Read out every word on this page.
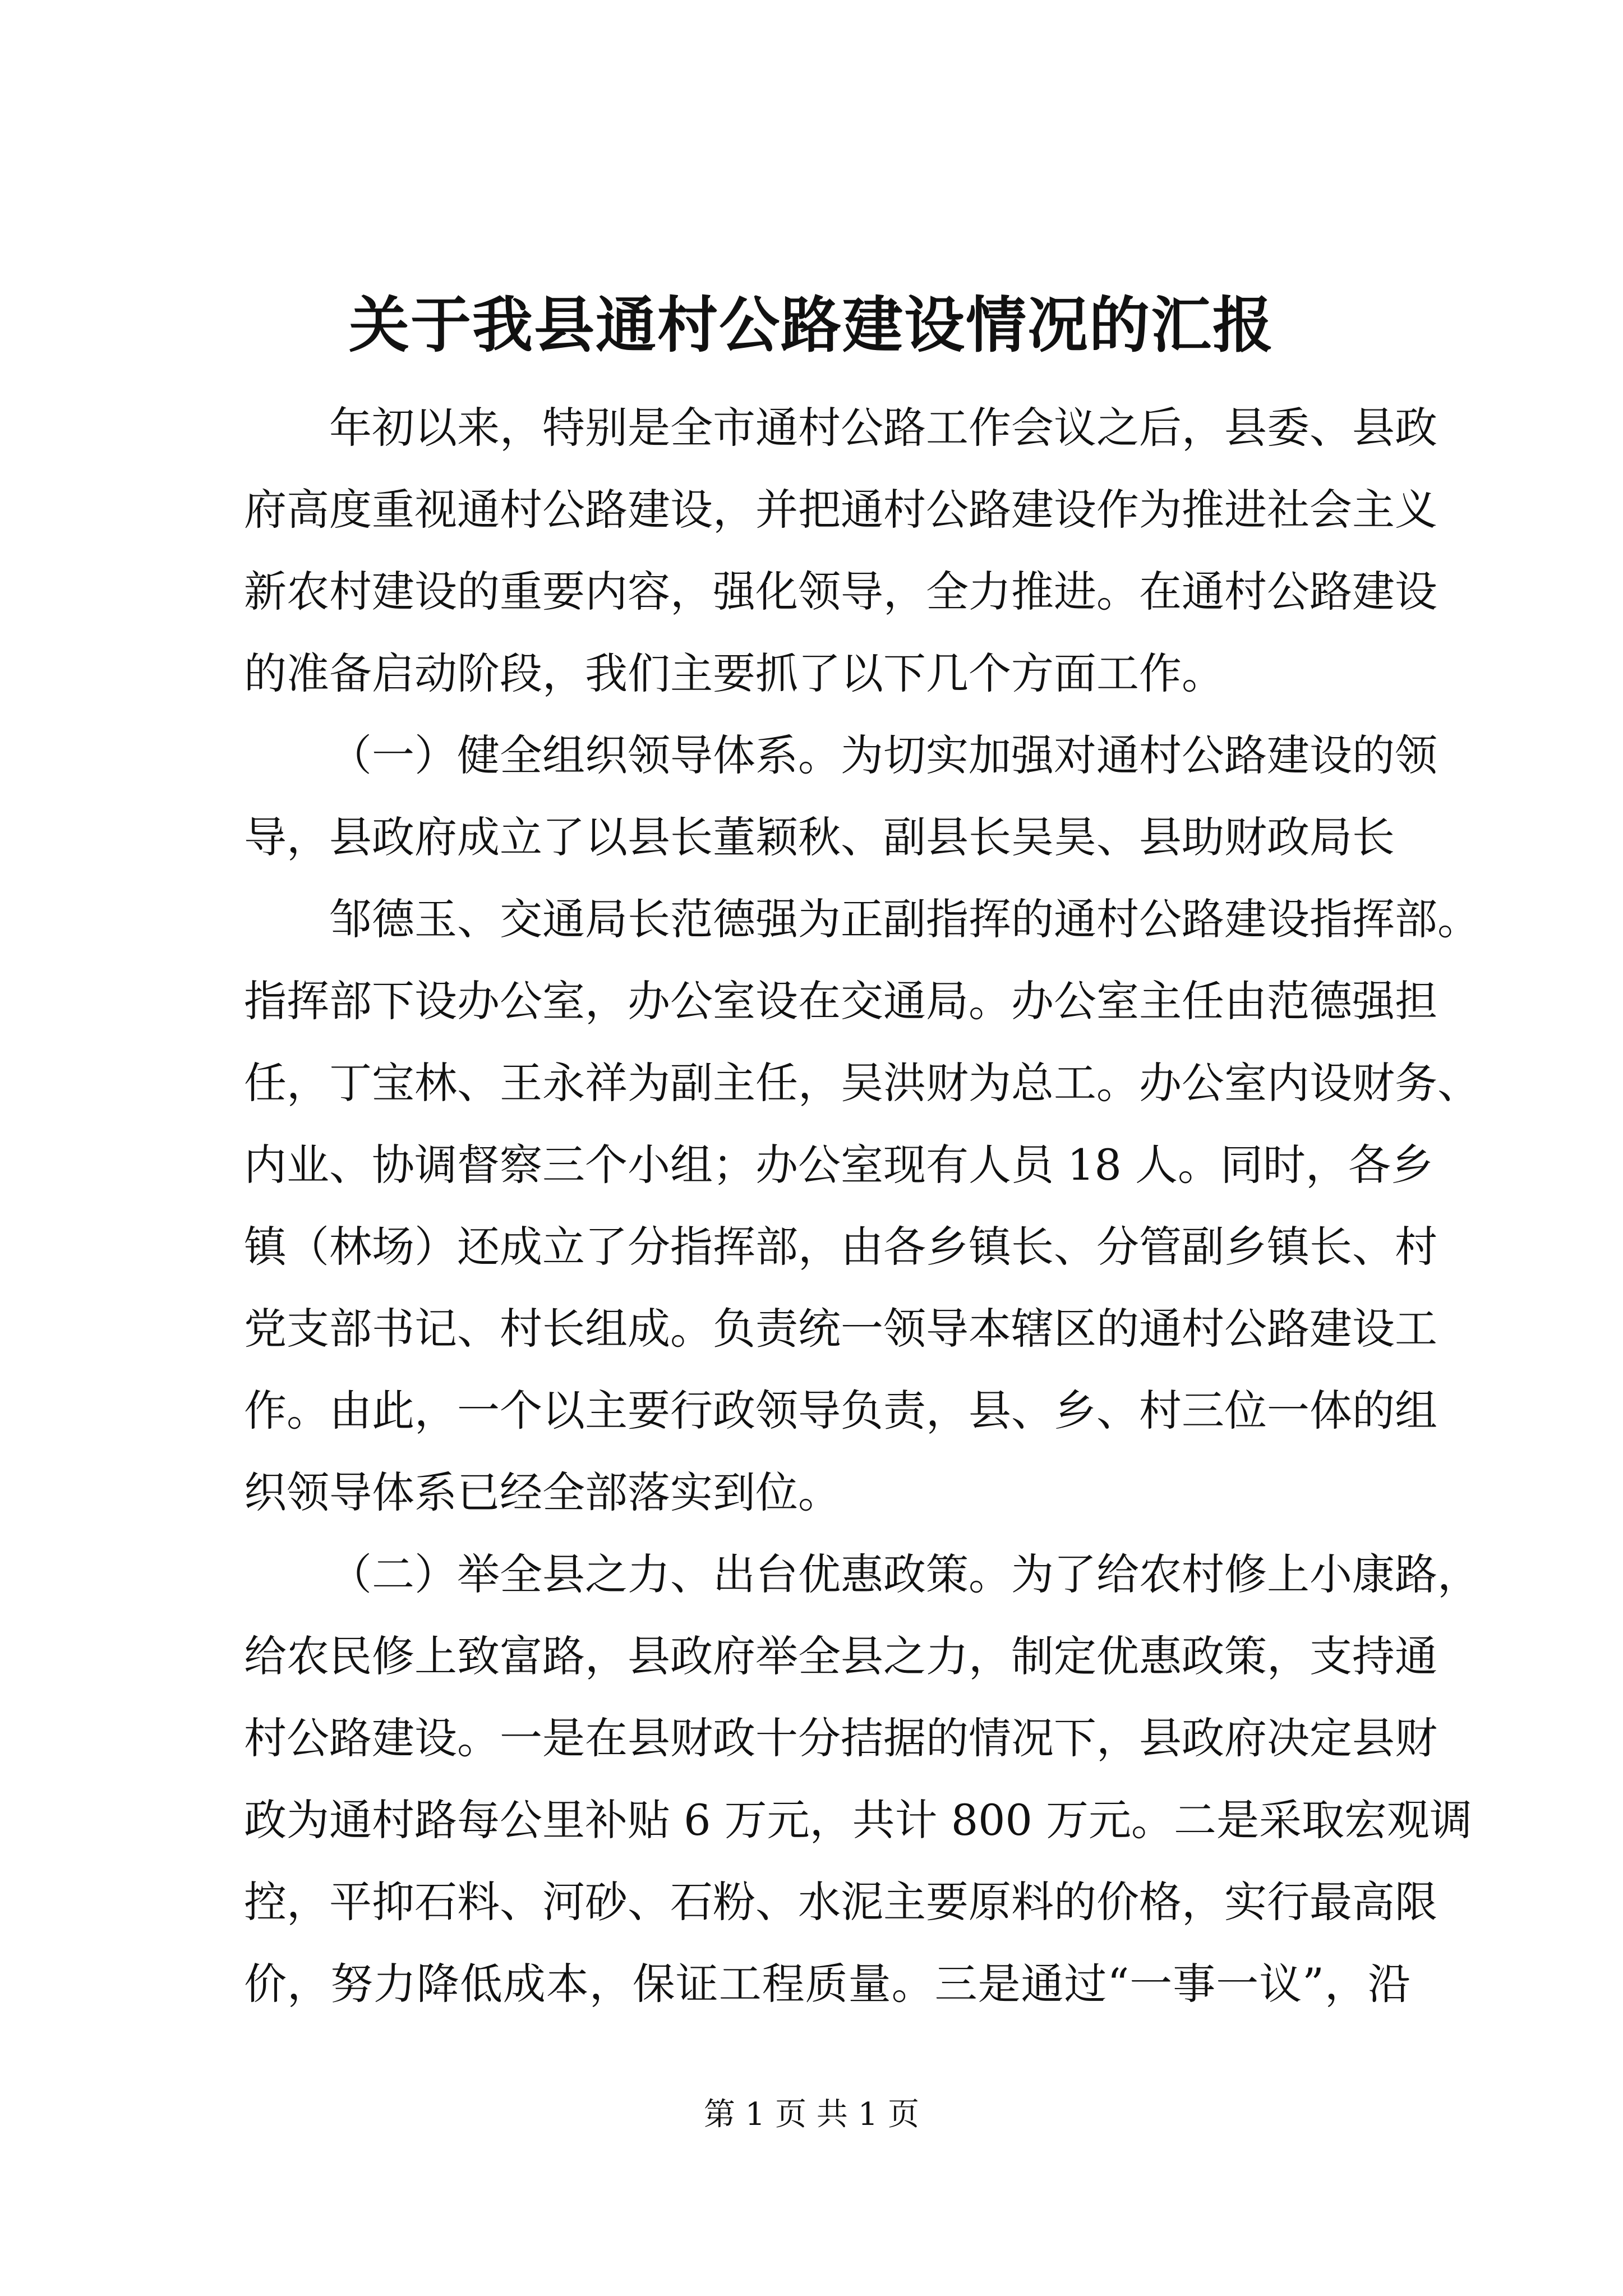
关于我县通村公路建设情况的汇报
年初以来，特别是全市通村公路工作会议之后，县委、县政
府高度重视通村公路建设，并把通村公路建设作为推进社会主义
新农村建设的重要内容，强化领导，全力推进。在通村公路建设
的准备启动阶段，我们主要抓了以下几个方面工作。
（一）健全组织领导体系。为切实加强对通村公路建设的领
导，县政府成立了以县长董颖秋、副县长吴昊、县助财政局长
邹德玉、交通局长范德强为正副指挥的通村公路建设指挥部。
指挥部下设办公室，办公室设在交通局。办公室主任由范德强担
任，丁宝林、王永祥为副主任，吴洪财为总工。办公室内设财务、
内业、协调督察三个小组；办公室现有人员 18 人。同时，各乡
镇（林场）还成立了分指挥部，由各乡镇长、分管副乡镇长、村
党支部书记、村长组成。负责统一领导本辖区的通村公路建设工
作。由此，一个以主要行政领导负责，县、乡、村三位一体的组
织领导体系已经全部落实到位。
（二）举全县之力、出台优惠政策。为了给农村修上小康路，
给农民修上致富路，县政府举全县之力，制定优惠政策，支持通
村公路建设。一是在县财政十分拮据的情况下，县政府决定县财
政为通村路每公里补贴 6 万元，共计 800 万元。二是采取宏观调
控，平抑石料、河砂、石粉、水泥主要原料的价格，实行最高限
价，努力降低成本，保证工程质量。三是通过“一事一议”，沿
第 1 页 共 1 页
